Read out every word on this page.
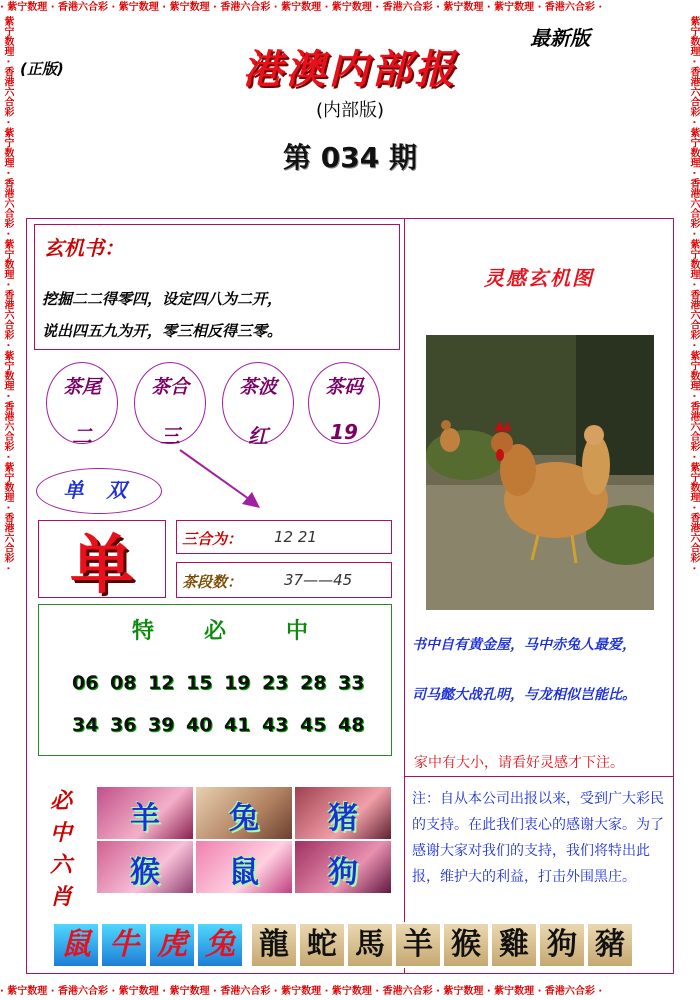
· 紫宁数理 · 香港六合彩 · 紫宁数理 · 紫宁数理 · 香港六合彩 · 紫宁数理 · 紫宁数理 · 香港六合彩 · 紫宁数理 · 紫宁数理 · 香港六合彩 ·
· 紫宁数理 · 香港六合彩 · 紫宁数理 · 紫宁数理 · 香港六合彩 · 紫宁数理 · 紫宁数理 · 香港六合彩 · 紫宁数理 · 紫宁数理 · 香港六合彩 ·
紫宁数理 · 香港六合彩 · 紫宁数理 · 香港六合彩 · 紫宁数理 · 香港六合彩 · 紫宁数理 · 香港六合彩 · 紫宁数理 · 香港六合彩 ·	紫宁数理 · 香港六合彩 · 紫宁数理 · 香港六合彩 · 紫宁数理 · 香港六合彩 · 紫宁数理 · 香港六合彩 · 紫宁数理 · 香港六合彩 ·
(正版)	港澳内部报
最新版
(内部版)
第 034 期
玄机书：
挖掘二二得零四，设定四八为二开，
说出四五九为开，零三相反得三零。
茶尾
二
茶合
三
茶波
红
茶码
19
单 双
单	三合为： 12 21
茶段数：	37——45
特 必	中
06 08 12 15 19 23 28 33
34 36 39 40 41 43 45 48
必
中
六
肖
羊	兔	猪
猴	鼠	狗
灵感玄机图
书中自有黄金屋，马中赤兔人最爱，
司马懿大战孔明，与龙相似岂能比。
家中有大小，请看好灵感才下注。
注：自从本公司出报以来，受到广大彩民的支持。在此我们衷心的感谢大家。为了感谢大家对我们的支持，我们将特出此报，维护大的利益，打击外围黑庄。
鼠 牛 虎 兔 龍 蛇 馬 羊 猴 雞 狗 豬
